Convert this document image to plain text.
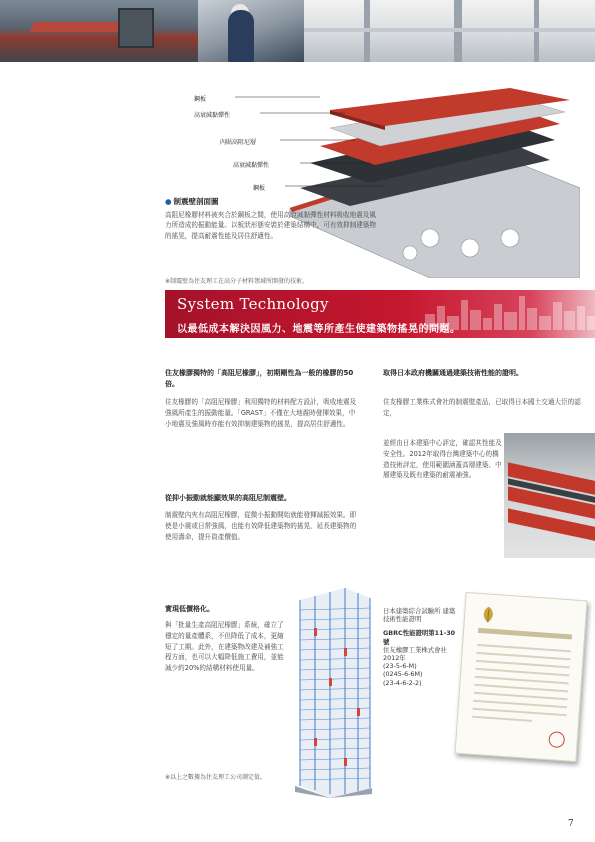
鋼板
高衰減黏彈性
內貼高阻尼層
高衰減黏彈性
鋼板
● 制震壁剖面圖
高阻尼橡膠材料被夾合於鋼板之間，使用高衰減黏彈性材料吸收地震及風力所造成的振動能量。以板狀形態安裝於建築結構中，可有效抑制建築物的搖晃，提高耐震性能及居住舒適性。
※制震壁為住友理工在高分子材料領域所開發的技術。
System Technology
以最低成本解決因風力、地震等所產生使建築物搖晃的問題。
住友橡膠獨特的「高阻尼橡膠」，初期剛性為一般的橡膠的50倍。
住友橡膠的「高阻尼橡膠」利用獨特的材料配方設計，吸收地震及強風所產生的振動能量。「GRAST」不僅在大地震時發揮效果，中小地震及強風時亦能有效抑制建築物的搖晃，提高居住舒適性。
從抑小振動就能顯效果的高阻尼制震壁。
制震壁內夾有高阻尼橡膠，從微小振動開始就能發揮減振效果。即使是小震或日常強風，也能有效降低建築物的搖晃，延長建築物的使用壽命，提升資產價值。
實現低價格化。
與「批量生產高阻尼橡膠」系統，確立了穩定的量產體系，不但降低了成本，更縮短了工期。此外，在建築物改建及補強工程方面，也可以大幅降低施工費用，並能減少約20%的結構材料使用量。
※以上之數據為住友理工公司測定值。
取得日本政府機關通過建築技術性能的證明。
住友橡膠工業株式會社的制震壁產品，已取得日本國土交通大臣的認定，
並經由日本建築中心評定，確認其性能及安全性。2012年取得台灣建築中心的構造技術評定，使用範圍涵蓋高層建築、中層建築及既有建築的耐震補強。
日本建築綜合試驗所 建築技術性能證明
GBRC性能證明第11-30號
住友橡膠工業株式會社 2012年
(23-5-6-M)
(0245-6-6M)
(23-4-6-2-2)
7
